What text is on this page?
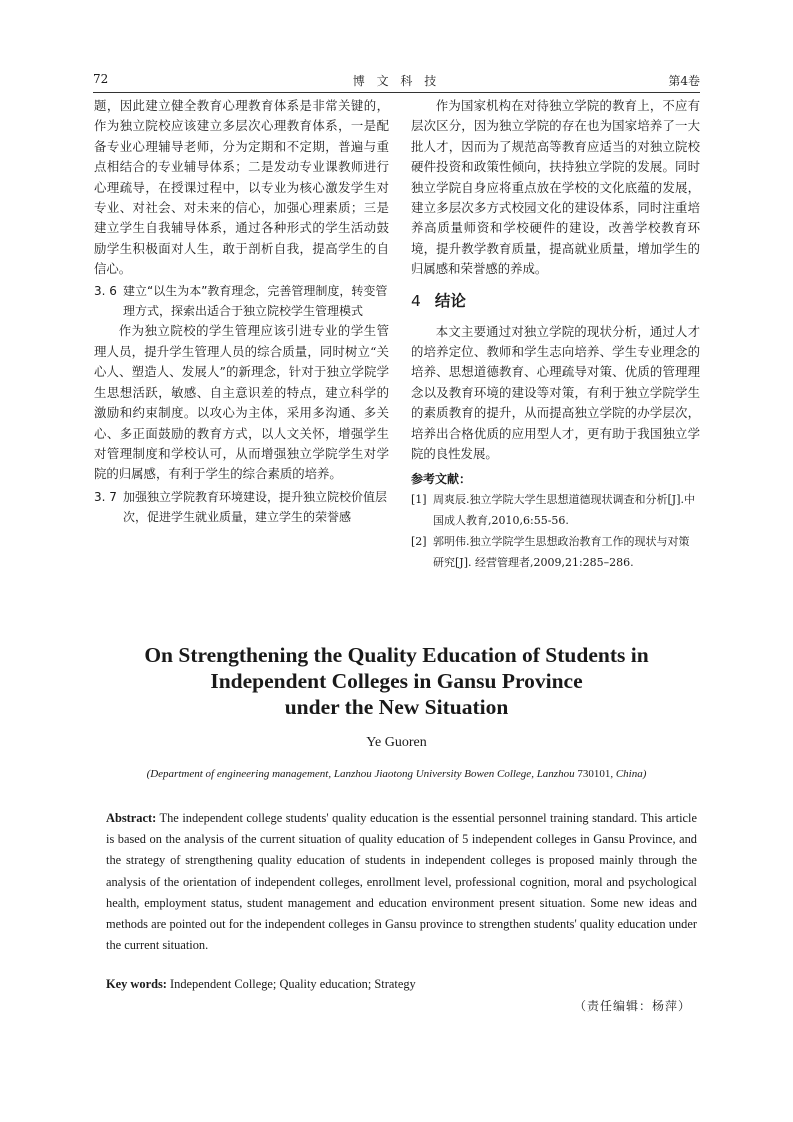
72	博 文 科 技	第4卷

题，因此建立健全教育心理教育体系是非常关键的，作为独立院校应该建立多层次心理教育体系，一是配备专业心理辅导老师，分为定期和不定期，普遍与重点相结合的专业辅导体系；二是发动专业课教师进行心理疏导，在授课过程中，以专业为核心激发学生对专业、对社会、对未来的信心，加强心理素质；三是建立学生自我辅导体系，通过各种形式的学生活动鼓励学生积极面对人生，敢于剖析自我，提高学生的自信心。

3. 6 建立“以生为本”教育理念，完善管理制度，转变管理方式，探索出适合于独立院校学生管理模式

作为独立院校的学生管理应该引进专业的学生管理人员，提升学生管理人员的综合质量，同时树立“关心人、塑造人、发展人”的新理念，针对于独立学院学生思想活跃，敏感、自主意识差的特点，建立科学的激励和约束制度。以攻心为主体，采用多沟通、多关心、多正面鼓励的教育方式，以人文关怀，增强学生对管理制度和学校认可，从而增强独立学院学生对学院的归属感，有利于学生的综合素质的培养。

3. 7 加强独立学院教育环境建设，提升独立院校价值层次，促进学生就业质量，建立学生的荣誉感

作为国家机构在对待独立学院的教育上，不应有层次区分，因为独立学院的存在也为国家培养了一大批人才，因而为了规范高等教育应适当的对独立院校硬件投资和政策性倾向，扶持独立学院的发展。同时独立学院自身应将重点放在学校的文化底蕴的发展，建立多层次多方式校园文化的建设体系，同时注重培养高质量师资和学校硬件的建设，改善学校教育环境，提升教学教育质量，提高就业质量，增加学生的归属感和荣誉感的养成。

4 结论

本文主要通过对独立学院的现状分析，通过人才的培养定位、教师和学生志向培养、学生专业理念的培养、思想道德教育、心理疏导对策、优质的管理理念以及教育环境的建设等对策，有利于独立学院学生的素质教育的提升，从而提高独立学院的办学层次，培养出合格优质的应用型人才，更有助于我国独立学院的良性发展。

参考文献：
[1] 周爽辰.独立学院大学生思想道德现状调查和分析[J].中国成人教育,2010,6:55-56.
[2] 郭明伟.独立学院学生思想政治教育工作的现状与对策研究[J]. 经营管理者,2009,21:285–286.
On Strengthening the Quality Education of Students in
Independent Colleges in Gansu Province
under the New Situation
Ye Guoren
(Department of engineering management, Lanzhou Jiaotong University Bowen College, Lanzhou 730101, China)
Abstract: The independent college students' quality education is the essential personnel training standard. This article is based on the analysis of the current situation of quality education of 5 independent colleges in Gansu Province, and the strategy of strengthening quality education of students in independent colleges is proposed mainly through the analysis of the orientation of independent colleges, enrollment level, professional cognition, moral and psychological health, employment status, student management and education environment present situation. Some new ideas and methods are pointed out for the independent colleges in Gansu province to strengthen students' quality education under the current situation.
Key words: Independent College; Quality education; Strategy
（责任编辑：杨萍）
